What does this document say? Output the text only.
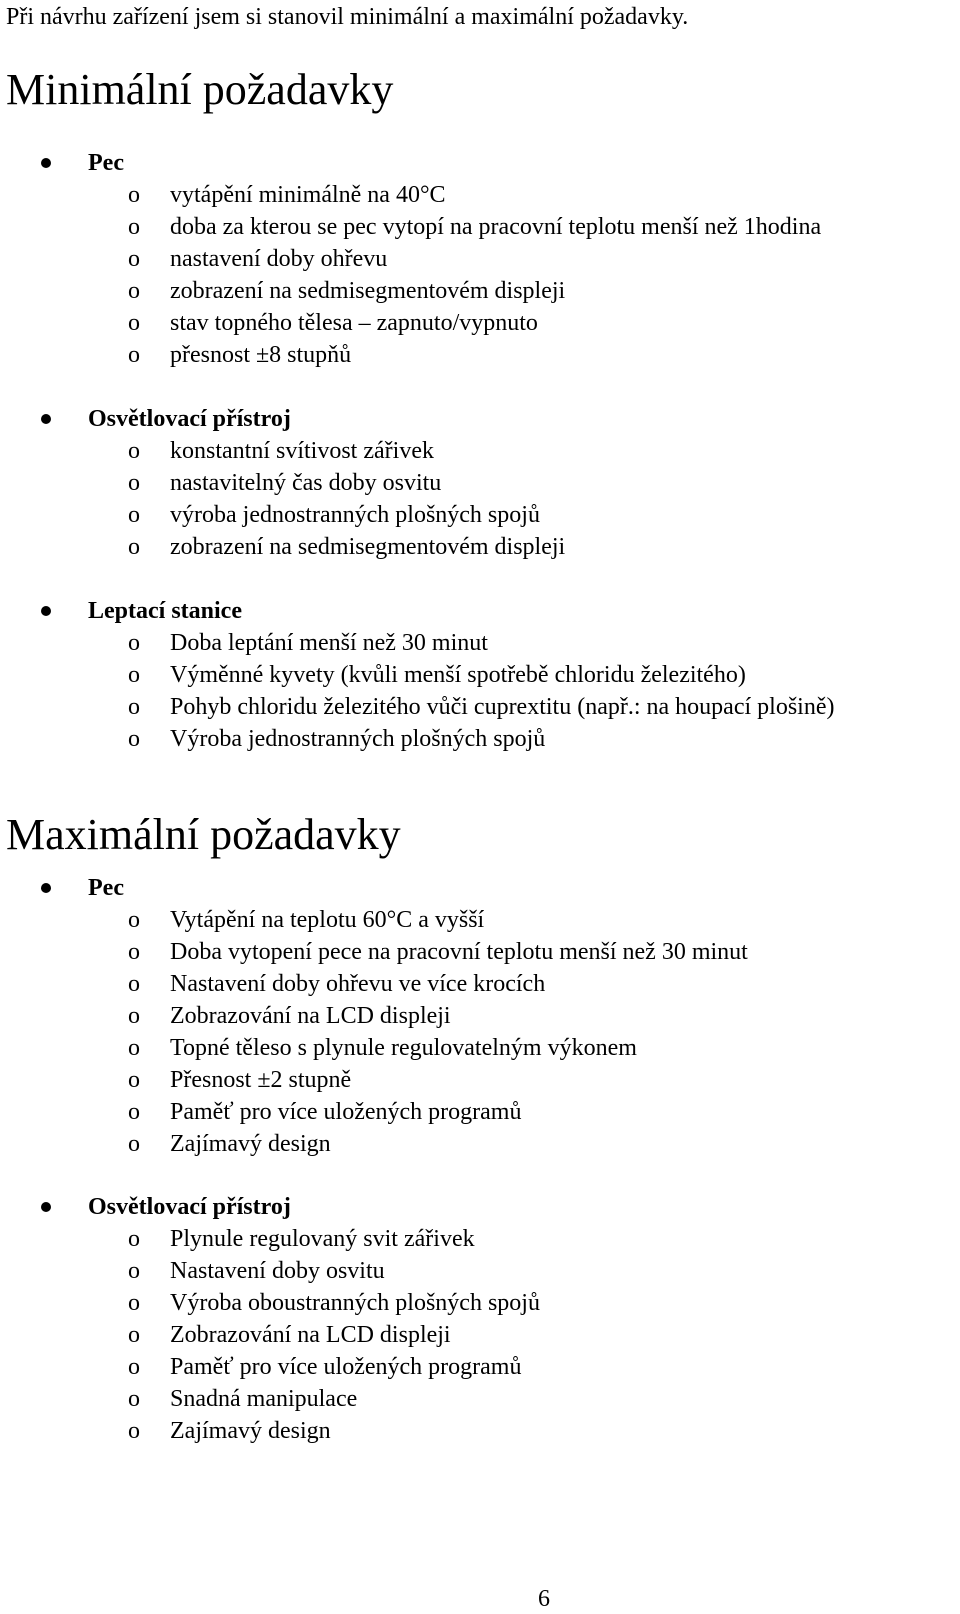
Při návrhu zařízení jsem si stanovil minimální a maximální požadavky.
Minimální požadavky
Pec
o vytápění minimálně na 40°C
o doba za kterou se pec vytopí na pracovní teplotu menší než 1hodina
o nastavení doby ohřevu
o zobrazení na sedmisegmentovém displeji
o stav topného tělesa – zapnuto/vypnuto
o přesnost ±8 stupňů
Osvětlovací přístroj
o konstantní svítivost zářivek
o nastavitelný čas doby osvitu
o výroba jednostranných plošných spojů
o zobrazení na sedmisegmentovém displeji
Leptací stanice
o Doba leptání menší než 30 minut
o Výměnné kyvety (kvůli menší spotřebě chloridu železitého)
o Pohyb chloridu železitého vůči cuprextitu (např.: na houpací plošině)
o Výroba jednostranných plošných spojů
Maximální požadavky
Pec
o Vytápění na teplotu 60°C a vyšší
o Doba vytopení pece na pracovní teplotu menší než 30 minut
o Nastavení doby ohřevu ve více krocích
o Zobrazování na LCD displeji
o Topné těleso s plynule regulovatelným výkonem
o Přesnost ±2 stupně
o Paměť pro více uložených programů
o Zajímavý design
Osvětlovací přístroj
o Plynule regulovaný svit zářivek
o Nastavení doby osvitu
o Výroba oboustranných plošných spojů
o Zobrazování na LCD displeji
o Paměť pro více uložených programů
o Snadná manipulace
o Zajímavý design
6
